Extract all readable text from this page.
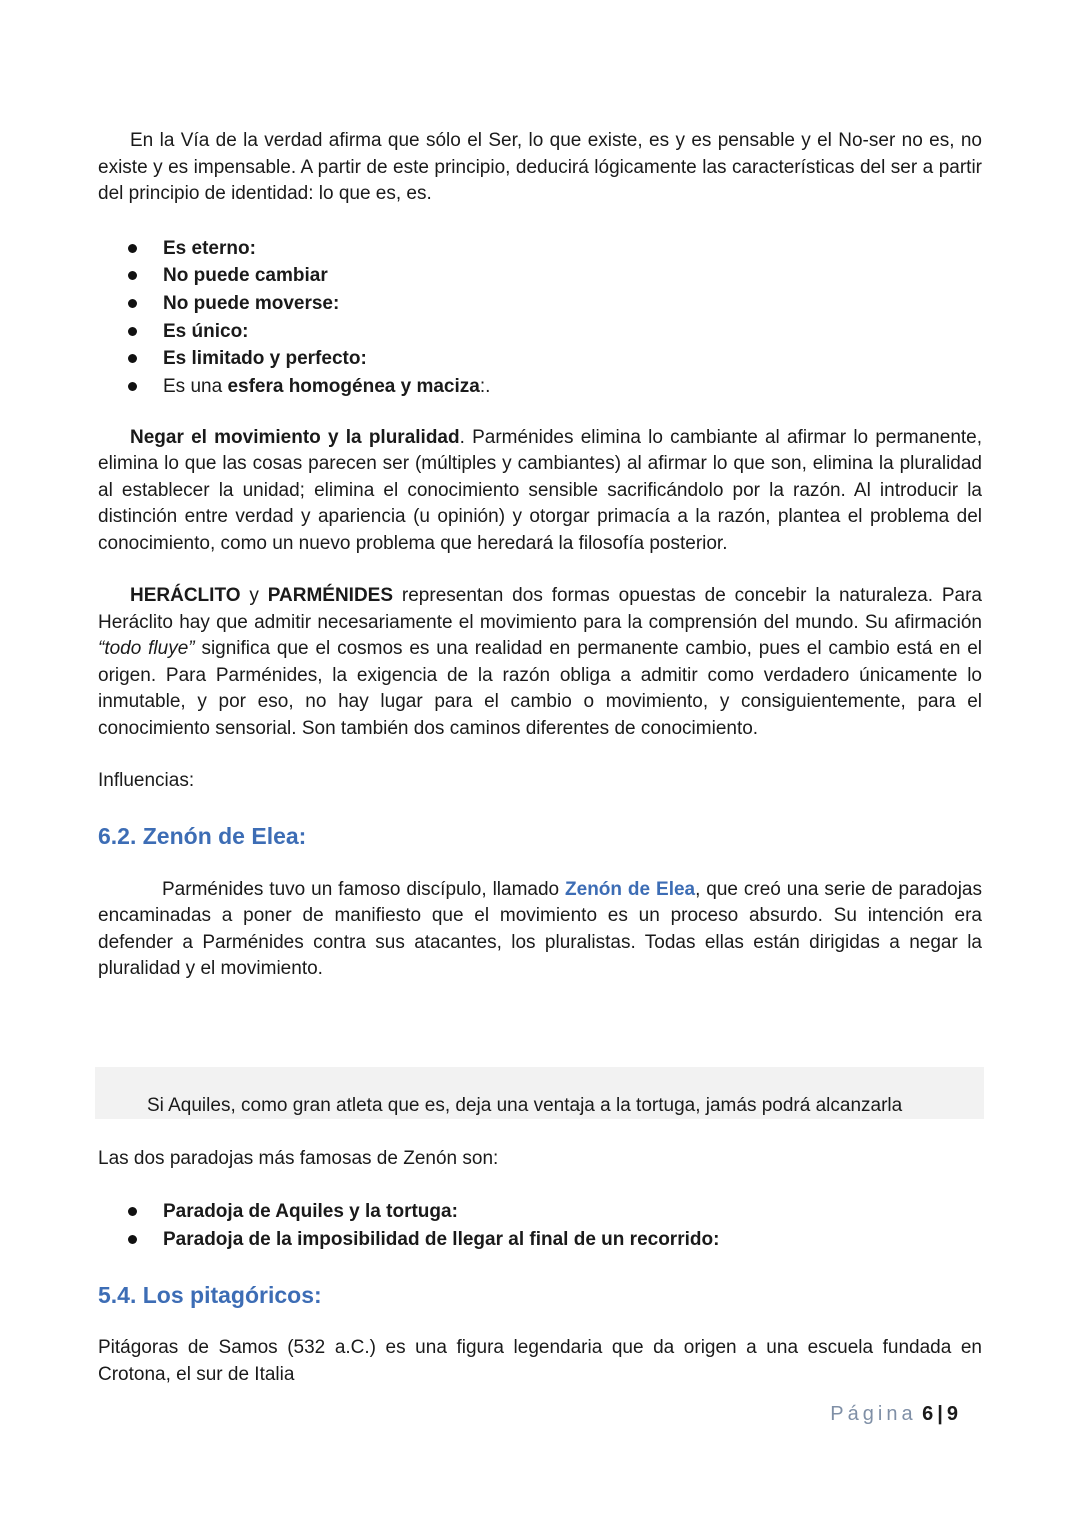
En la Vía de la verdad afirma que sólo el Ser, lo que existe, es y es pensable y el No-ser no es, no existe y es impensable. A partir de este principio, deducirá lógicamente las características del ser a partir del principio de identidad: lo que es, es.

Es eterno:
No puede cambiar
No puede moverse:
Es único:
Es limitado y perfecto:
Es una esfera homogénea y maciza:.

Negar el movimiento y la pluralidad. Parménides elimina lo cambiante al afirmar lo permanente, elimina lo que las cosas parecen ser (múltiples y cambiantes) al afirmar lo que son, elimina la pluralidad al establecer la unidad; elimina el conocimiento sensible sacrificándolo por la razón. Al introducir la distinción entre verdad y apariencia (u opinión) y otorgar primacía a la razón, plantea el problema del conocimiento, como un nuevo problema que heredará la filosofía posterior.

HERÁCLITO y PARMÉNIDES representan dos formas opuestas de concebir la naturaleza. Para Heráclito hay que admitir necesariamente el movimiento para la comprensión del mundo. Su afirmación “todo fluye” significa que el cosmos es una realidad en permanente cambio, pues el cambio está en el origen. Para Parménides, la exigencia de la razón obliga a admitir como verdadero únicamente lo inmutable, y por eso, no hay lugar para el cambio o movimiento, y consiguientemente, para el conocimiento sensorial. Son también dos caminos diferentes de conocimiento.

Influencias:

6.2. Zenón de Elea:

Parménides tuvo un famoso discípulo, llamado Zenón de Elea, que creó una serie de paradojas encaminadas a poner de manifiesto que el movimiento es un proceso absurdo. Su intención era defender a Parménides contra sus atacantes, los pluralistas. Todas ellas están dirigidas a negar la pluralidad y el movimiento.

Las dos paradojas más famosas de Zenón son:

Paradoja de Aquiles y la tortuga:
Paradoja de la imposibilidad de llegar al final de un recorrido:
5.4. Los pitagóricos:

Pitágoras de Samos (532 a.C.) es una figura legendaria que da origen a una escuela fundada en Crotona, el sur de Italia

Si Aquiles, como gran atleta que es, deja una ventaja a la tortuga, jamás podrá alcanzarla
Página 6 | 9
